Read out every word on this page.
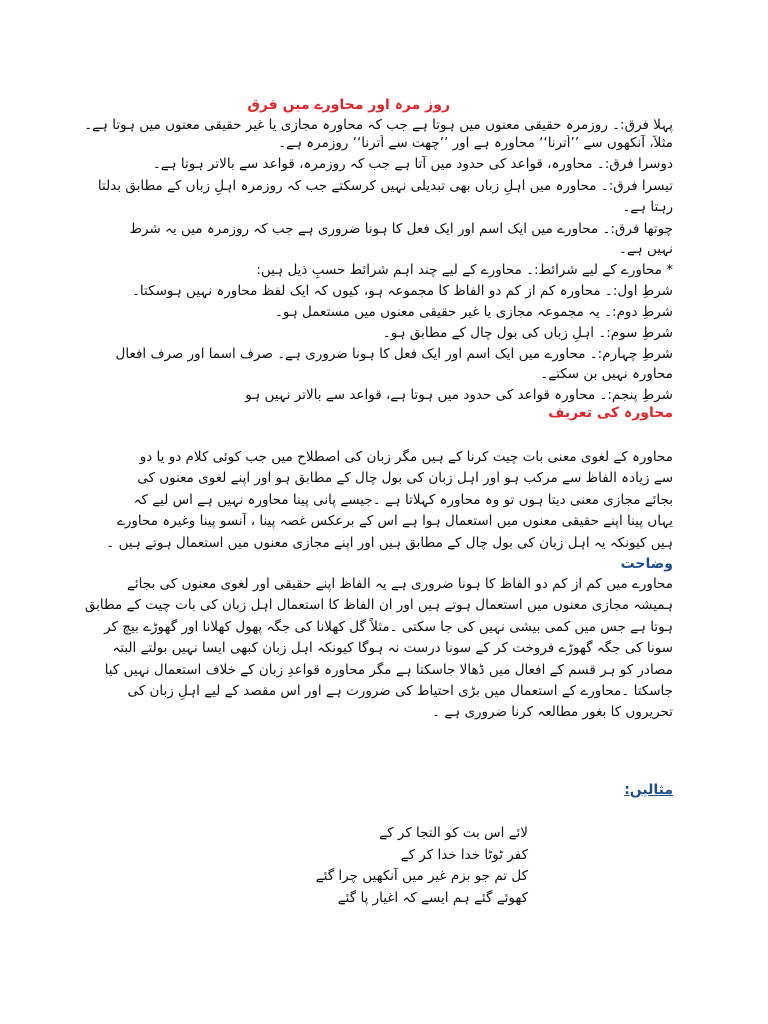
روز مرہ اور محاورے میں فرق
پہلا فرق:۔ روزمرہ حقیقی معنوں میں ہوتا ہے جب کہ محاورہ مجازی یا غیر حقیقی معنوں میں ہوتا ہے۔
مثلاً، آنکھوں سے ’’اُترنا‘‘ محاورہ ہے اور ’’چھت سے اُترنا‘‘ روزمرہ ہے۔
دوسرا فرق:۔ محاورہ، قواعد کی حدود میں آتا ہے جب کہ روزمرہ، قواعد سے بالاتر ہوتا ہے۔
تیسرا فرق:۔ محاورہ میں اہلِ زباں بھی تبدیلی نہیں کرسکتے جب کہ روزمرہ اہلِ زباں کے مطابق بدلتا
رہتا ہے۔
چوتھا فرق:۔ محاورے میں ایک اسم اور ایک فعل کا ہونا ضروری ہے جب کہ روزمرہ میں یہ شرط
نہیں ہے۔
* محاورے کے لیے شرائط:۔ محاورے کے لیے چند اہم شرائط حسبِ ذیل ہیں:
شرطِ اول:۔ محاورہ کم از کم دو الفاظ کا مجموعہ ہو، کیوں کہ ایک لفظ محاورہ نہیں ہوسکتا۔
شرطِ دوم:۔ یہ مجموعہ مجازی یا غیر حقیقی معنوں میں مستعمل ہو۔
شرطِ سوم:۔ اہلِ زباں کی بول چال کے مطابق ہو۔
شرطِ چہارم:۔ محاورے میں ایک اسم اور ایک فعل کا ہونا ضروری ہے۔ صرف اسما اور صرف افعال
محاورہ نہیں بن سکتے۔
شرطِ پنجم:۔ محاورہ قواعد کی حدود میں ہوتا ہے، قواعد سے بالاتر نہیں ہو
محاورہ کی تعریف

محاورہ کے لغوی معنی بات چیت کرنا کے ہیں مگر زبان کی اصطلاح میں جب کوئی کلام دو یا دو

سے زیادہ الفاظ سے مرکب ہو اور اہل زبان کی بول چال کے مطابق ہو اور اپنے لغوی معنوں کی

بجائے مجازی معنی دیتا ہوں تو وہ محاورہ کہلاتا ہے ۔جیسے پانی پینا محاورہ نہیں ہے اس لیے کہ

یہاں پینا اپنے حقیقی معنوں میں استعمال ہوا ہے اس کے برعکس غصہ پینا ، آنسو پینا وغیرہ محاورے

ہیں کیونکہ یہ اہل زبان کی بول چال کے مطابق ہیں اور اپنے مجازی معنوں میں استعمال ہوتے ہیں ۔

وضاحت

محاورے میں کم از کم دو الفاظ کا ہونا ضروری ہے یہ الفاظ اپنے حقیقی اور لغوی معنوں کی بجائے

ہمیشہ مجازی معنوں میں استعمال ہوتے ہیں اور ان الفاظ کا استعمال اہل زبان کی بات چیت کے مطابق

ہوتا ہے جس میں کمی بیشی نہیں کی جا سکتی ۔مثلاً گل کھلانا کی جگہ پھول کھلانا اور گھوڑے بیچ کر

سونا کی جگہ گھوڑے فروخت کر کے سونا درست نہ ہوگا کیونکہ اہل زبان کبھی ایسا نہیں بولتے البتہ

مصادر کو ہر قسم کے افعال میں ڈھالا جاسکتا ہے مگر محاورہ قواعدِ زبان کے خلاف استعمال نہیں کیا

جاسکتا ۔محاورے کے استعمال میں بڑی احتیاط کی ضرورت ہے اور اس مقصد کے لیے اہلِ زبان کی

تحریروں کا بغور مطالعہ کرنا ضروری ہے ۔

مثالیں:
لائے اس بت کو التجا کر کے
کفر ٹوٹا خدا خدا کر کے
کل تم جو بزم غیر میں آنکھیں چرا گئے
کھوئے گئے ہم ایسے کہ اغیار پا گئے
